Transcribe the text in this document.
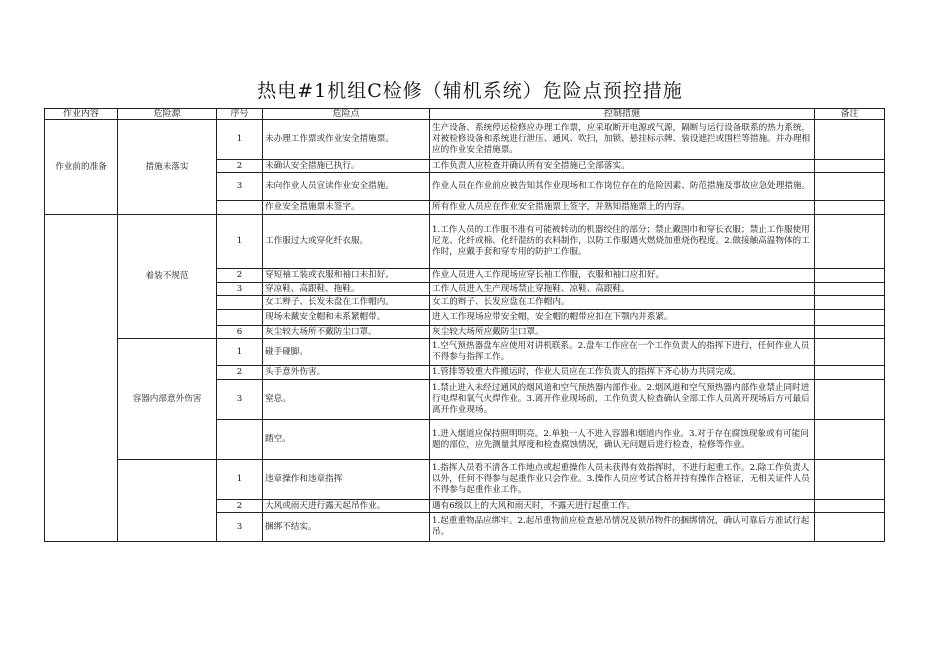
热电#1机组C检修（辅机系统）危险点预控措施
作业内容	危险源	序号	危险点	控制措施	备注
作业前的准备	措施未落实	1	未办理工作票或作业安全措施票。	生产设备、系统停运检修应办理工作票，应采取断开电源或气源，隔断与运行设备联系的热力系统，对被检修设备和系统进行泄压、通风、吹扫，加锁、悬挂标示牌、装设遮拦或围栏等措施。并办理相应的作业安全措施票。	
		2	未确认安全措施已执行。	工作负责人应检查并确认所有安全措施已全部落实。	
		3	未向作业人员宣读作业安全措施。	作业人员在作业前应被告知其作业现场和工作岗位存在的危险因素、防范措施及事故应急处理措施。	
			作业安全措施票未签字。	所有作业人员应在作业安全措施票上签字，并熟知措施票上的内容。	
	着装不规范	1	工作服过大或穿化纤衣服。	1.工作人员的工作服不准有可能被转动的机器绞住的部分；禁止戴围巾和穿长衣服；禁止工作服使用尼龙、化纤或棉、化纤混纺的衣料制作，以防工作服遇火燃烧加重烧伤程度。2.做接触高温物体的工作时，应戴手套和穿专用的防护工作服。	
		2	穿短袖工装或衣服和袖口未扣好。	作业人员进入工作现场应穿长袖工作服，衣服和袖口应扣好。	
		3	穿凉鞋、高跟鞋、拖鞋。	工作人员进入生产现场禁止穿拖鞋、凉鞋、高跟鞋。	
			女工辫子、长发未盘在工作帽内。	女工的辫子、长发应盘在工作帽内。	
			现场未戴安全帽和未系紧帽带。	进入工作现场应带安全帽，安全帽的帽带应扣在下颚内并系紧。	
		6	灰尘较大场所不戴防尘口罩。	灰尘较大场所应戴防尘口罩。	
	容器内部意外伤害	1	碰手碰脚。	1.空气预热器盘车应使用对讲机联系。2.盘车工作应在一个工作负责人的指挥下进行，任何作业人员不得参与指挥工作。	
		2	头手意外伤害。	1.管排等较重大件搬运时，作业人员应在工作负责人的指挥下齐心协力共同完成。	
		3	窒息。	1.禁止进入未经过通风的烟风道和空气预热器内部作业。2.烟风道和空气预热器内部作业禁止同时进行电焊和氧气火焊作业。3.离开作业现场前，工作负责人检查确认全部工作人员离开现场后方可最后离开作业现场。	
			踏空。	1.进入烟道应保持照明明亮。2.单独一人不进入容器和烟道内作业。3.对于存在腐蚀现象或有可能问题的部位，应先测量其厚度和检查腐蚀情况，确认无问题后进行检查，检修等作业。	
		1	违章操作和违章指挥	1.指挥人员看不清各工作地点或起重操作人员未获得有效指挥时，不进行起重工作。2.除工作负责人以外，任何不得参与起重作业只会作业。3.操作人员应考试合格并持有操作合格证，无相关证件人员不得参与起重作业工作。	
		2	大风或雨天进行露天起吊作业。	遇有6级以上的大风和雨天时，不露天进行起重工作。	
		3	捆绑不结实。	1.起重重物品应绑牢。2.起吊重物前应检查悬吊情况及锁吊物件的捆绑情况，确认可靠后方准试行起吊。	
